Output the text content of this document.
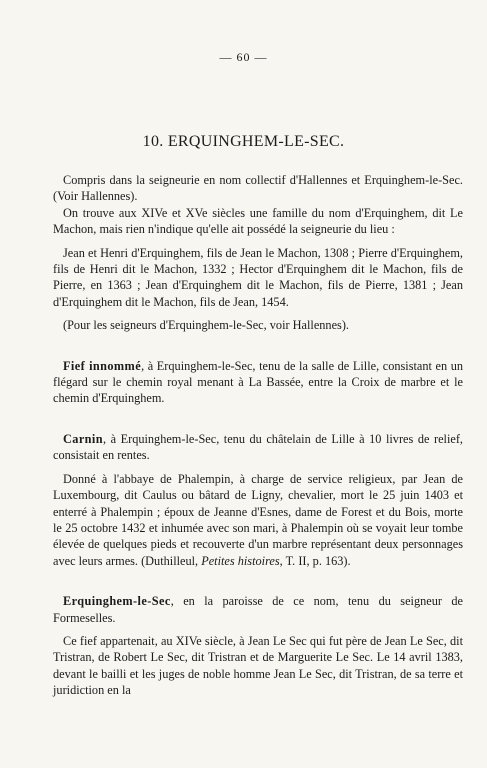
— 60 —
10. ERQUINGHEM-LE-SEC.

Compris dans la seigneurie en nom collectif d'Hallennes et Erquinghem-le-Sec. (Voir Hallennes).

On trouve aux XIVe et XVe siècles une famille du nom d'Erquinghem, dit Le Machon, mais rien n'indique qu'elle ait possédé la seigneurie du lieu :

Jean et Henri d'Erquinghem, fils de Jean le Machon, 1308 ; Pierre d'Erquinghem, fils de Henri dit le Machon, 1332 ; Hector d'Erquinghem dit le Machon, fils de Pierre, en 1363 ; Jean d'Erquinghem dit le Machon, fils de Pierre, 1381 ; Jean d'Erquinghem dit le Machon, fils de Jean, 1454.

(Pour les seigneurs d'Erquinghem-le-Sec, voir Hallennes).

Fief innommé, à Erquinghem-le-Sec, tenu de la salle de Lille, consistant en un flégard sur le chemin royal menant à La Bassée, entre la Croix de marbre et le chemin d'Erquinghem.

Carnin, à Erquinghem-le-Sec, tenu du châtelain de Lille à 10 livres de relief, consistait en rentes.

Donné à l'abbaye de Phalempin, à charge de service religieux, par Jean de Luxembourg, dit Caulus ou bâtard de Ligny, chevalier, mort le 25 juin 1403 et enterré à Phalempin ; époux de Jeanne d'Esnes, dame de Forest et du Bois, morte le 25 octobre 1432 et inhumée avec son mari, à Phalempin où se voyait leur tombe élevée de quelques pieds et recouverte d'un marbre représentant deux personnages avec leurs armes. (Duthilleul, Petites histoires, T. II, p. 163).

Erquinghem-le-Sec, en la paroisse de ce nom, tenu du seigneur de Formeselles.

Ce fief appartenait, au XIVe siècle, à Jean Le Sec qui fut père de Jean Le Sec, dit Tristran, de Robert Le Sec, dit Tristran et de Marguerite Le Sec. Le 14 avril 1383, devant le bailli et les juges de noble homme Jean Le Sec, dit Tristran, de sa terre et juridiction en la
